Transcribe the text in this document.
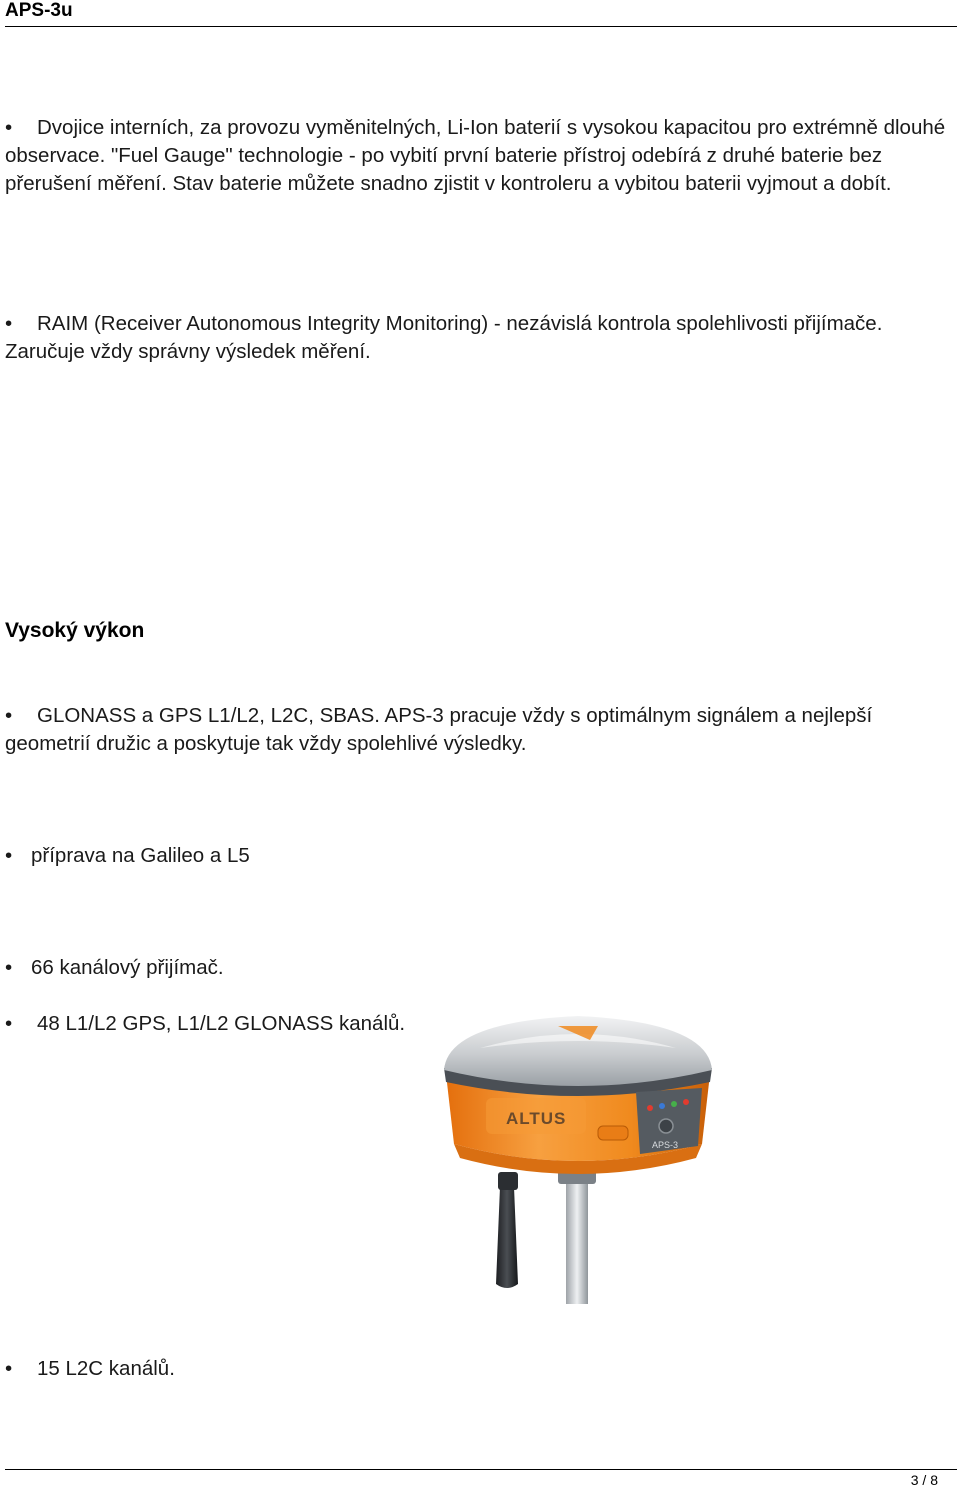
APS-3u

• Dvojice interních, za provozu vyměnitelných, Li-Ion baterií s vysokou kapacitou pro extrémně dlouhé observace. "Fuel Gauge" technologie - po vybití první baterie přístroj odebírá z druhé baterie bez přerušení měření. Stav baterie můžete snadno zjistit v kontroleru a vybitou baterii vyjmout a dobít.

• RAIM (Receiver Autonomous Integrity Monitoring) - nezávislá kontrola spolehlivosti přijímače. Zaručuje vždy správny výsledek měření.

Vysoký výkon

• GLONASS a GPS L1/L2, L2C, SBAS. APS-3 pracuje vždy s optimálnym signálem a nejlepší geometrií družic a poskytuje tak vždy spolehlivé výsledky.

• příprava na Galileo a L5

• 66 kanálový přijímač.

• 48 L1/L2 GPS, L1/L2 GLONASS kanálů.

ALTUS
APS-3

• 15 L2C kanálů.

3 / 8
